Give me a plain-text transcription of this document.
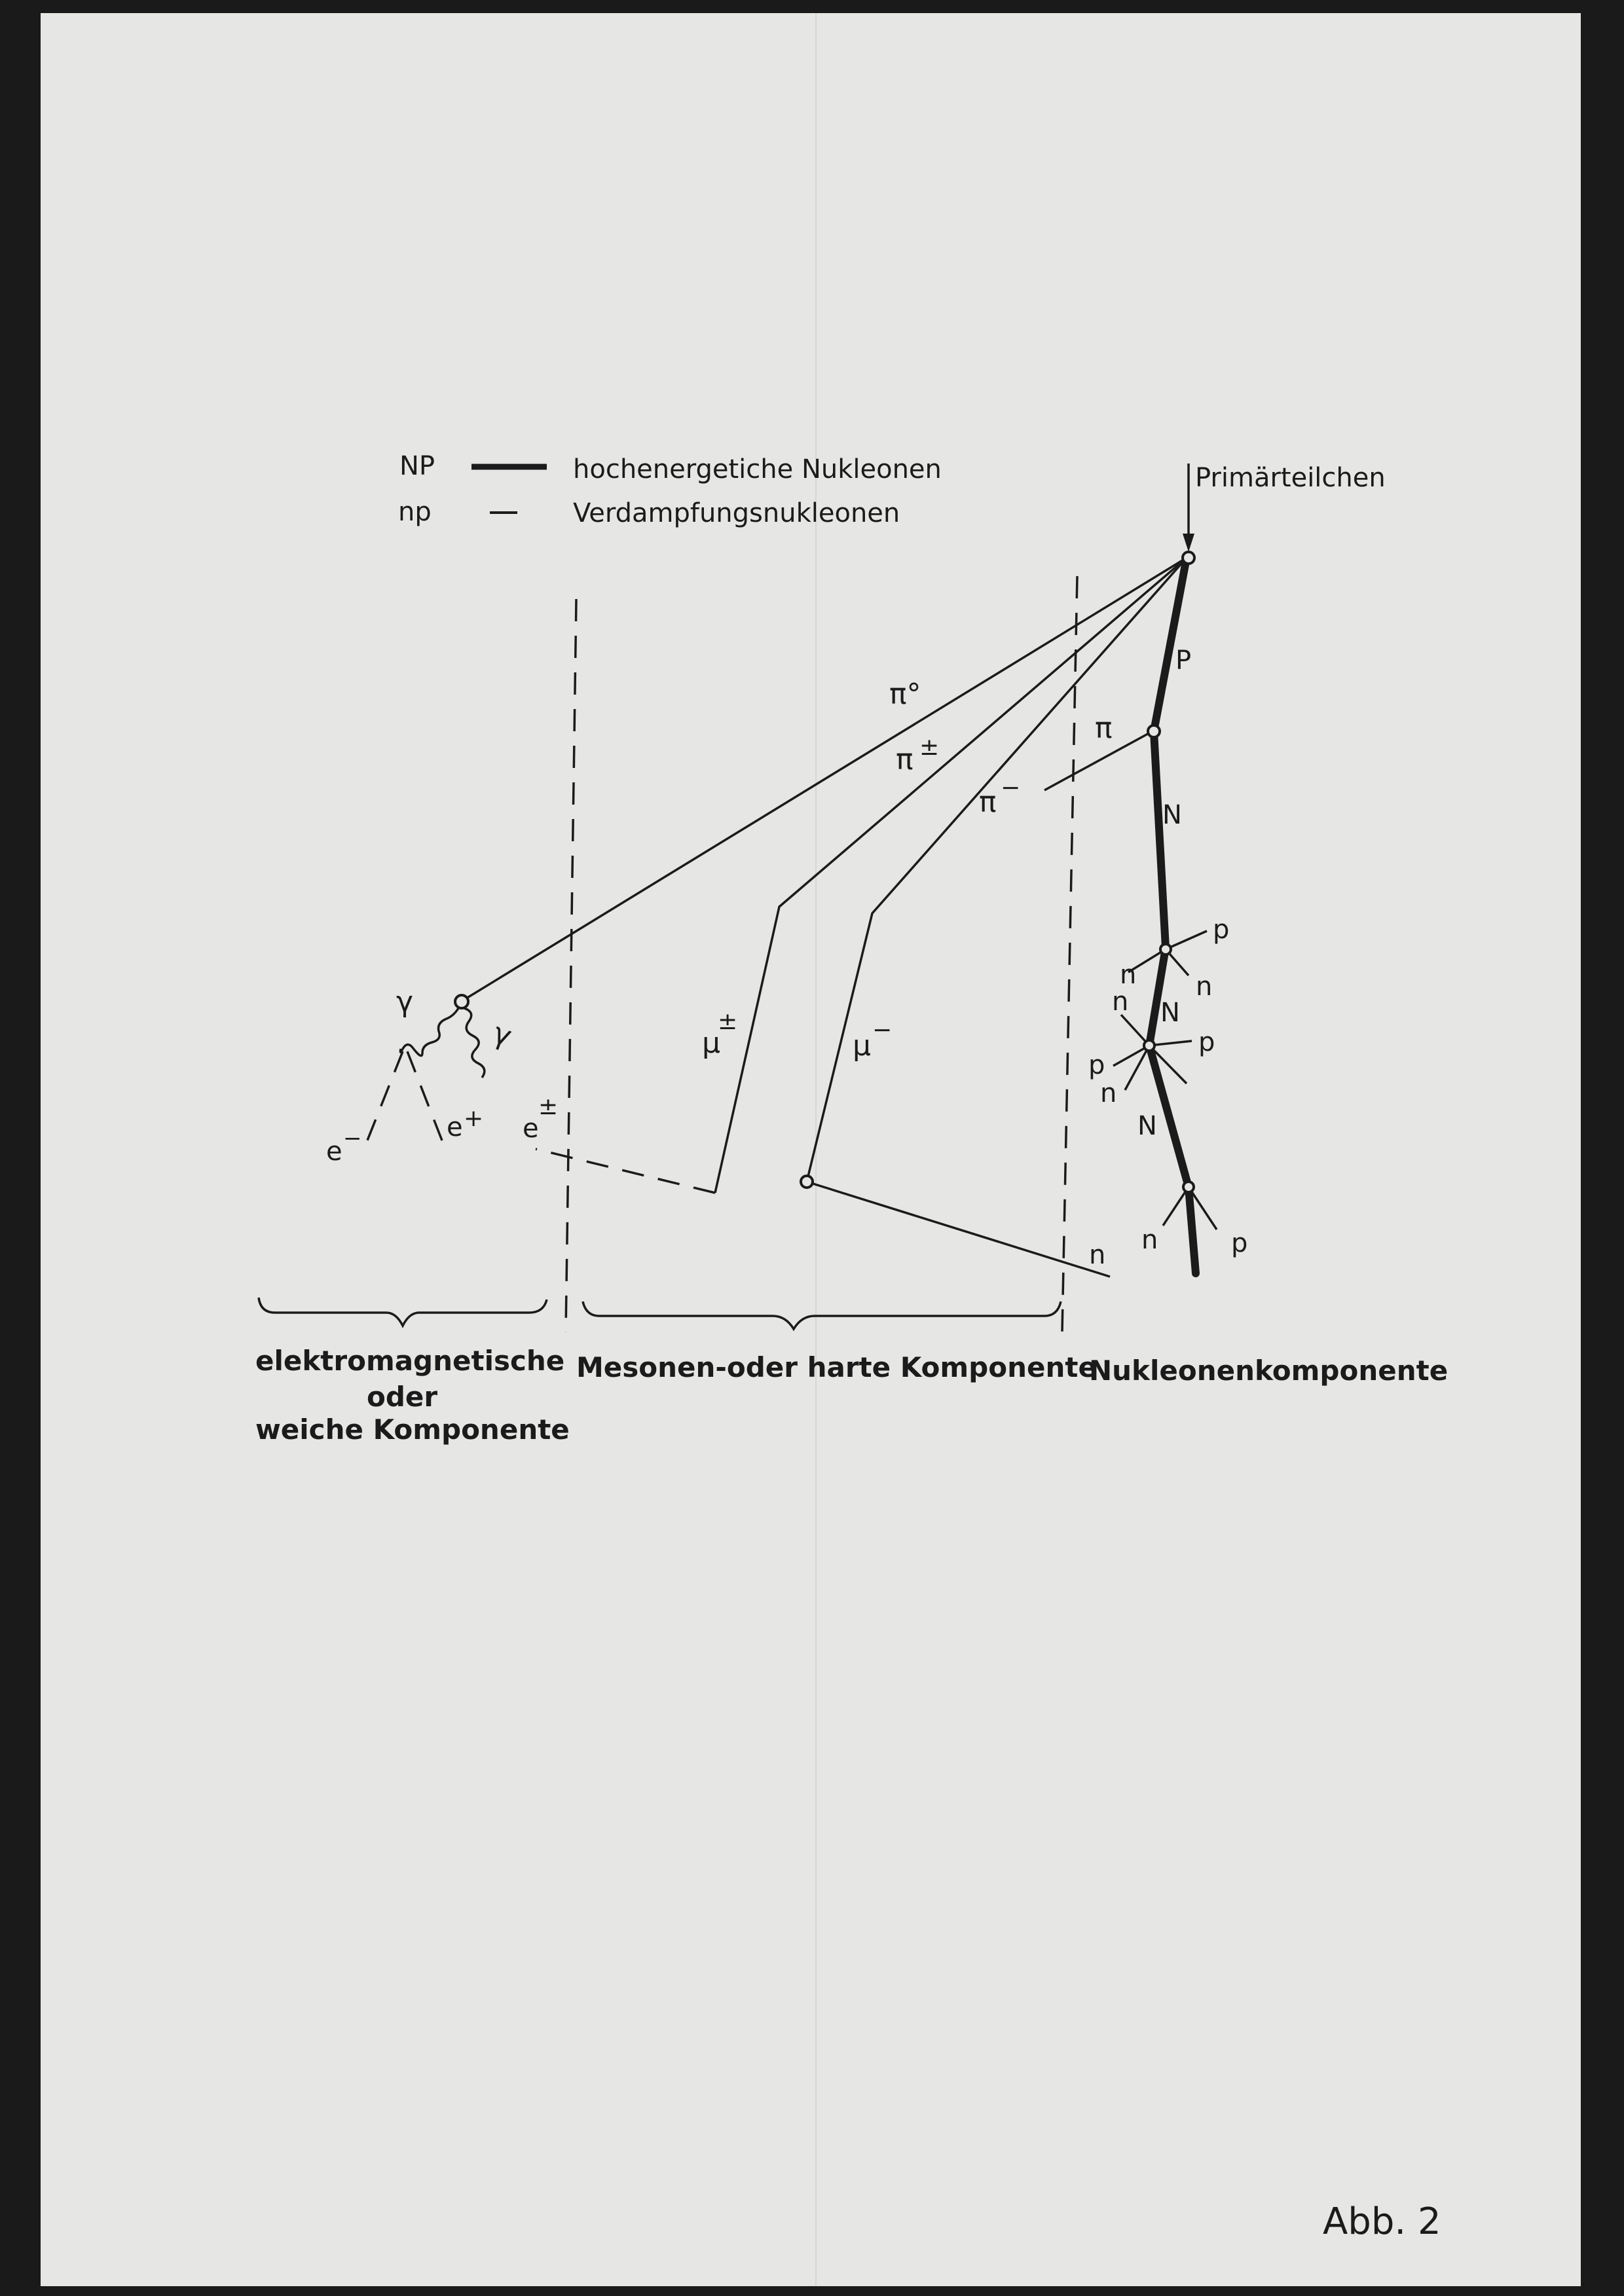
NP	hochenergetiche Nukleonen
np	Verdampfungsnukleonen
Primärteilchen
π°
π ±
π −
μ
±
μ −
γ
γ
e −	e + e
±
P
π
N
p
n n
n N
p
p
n
N
n	p
n
elektromagnetische
oder
weiche Komponente
Mesonen-oder harte Komponente
Nukleonenkomponente
Abb. 2
